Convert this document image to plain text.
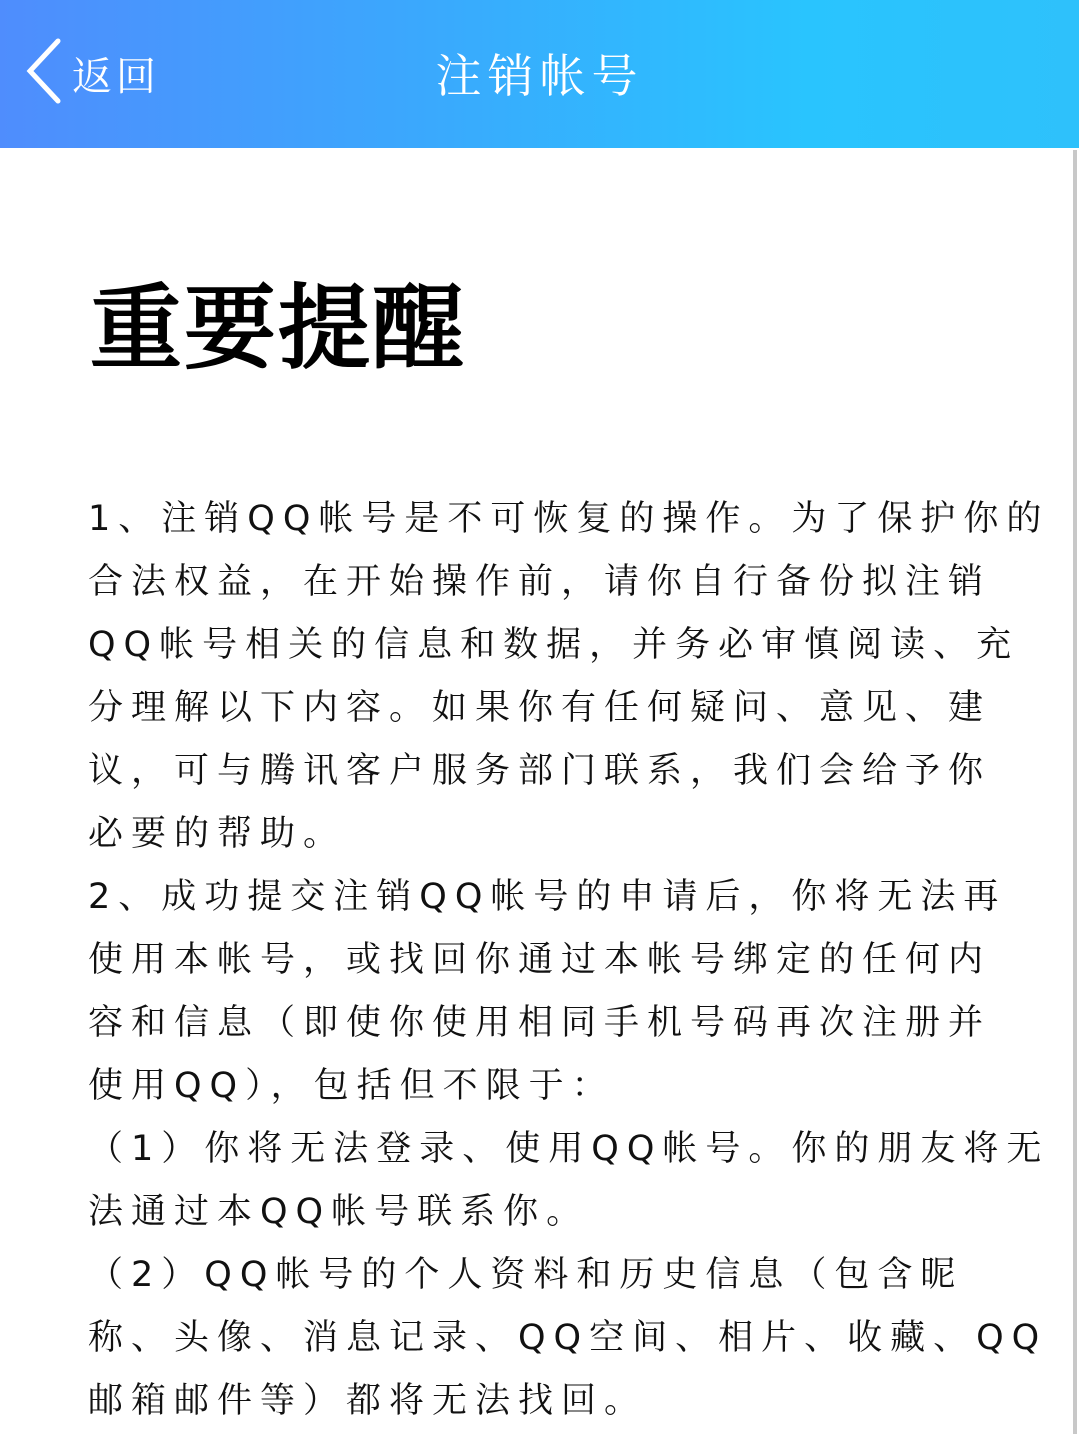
返回	注销帐号
重要提醒
1、注销QQ帐号是不可恢复的操作。为了保护你的
合法权益，在开始操作前，请你自行备份拟注销
QQ帐号相关的信息和数据，并务必审慎阅读、充
分理解以下内容。如果你有任何疑问、意见、建
议，可与腾讯客户服务部门联系，我们会给予你
必要的帮助。
2、成功提交注销QQ帐号的申请后，你将无法再
使用本帐号，或找回你通过本帐号绑定的任何内
容和信息（即使你使用相同手机号码再次注册并
使用QQ），包括但不限于：
（1）你将无法登录、使用QQ帐号。你的朋友将无
法通过本QQ帐号联系你。
（2）QQ帐号的个人资料和历史信息（包含昵
称、头像、消息记录、QQ空间、相片、收藏、QQ
邮箱邮件等）都将无法找回。
